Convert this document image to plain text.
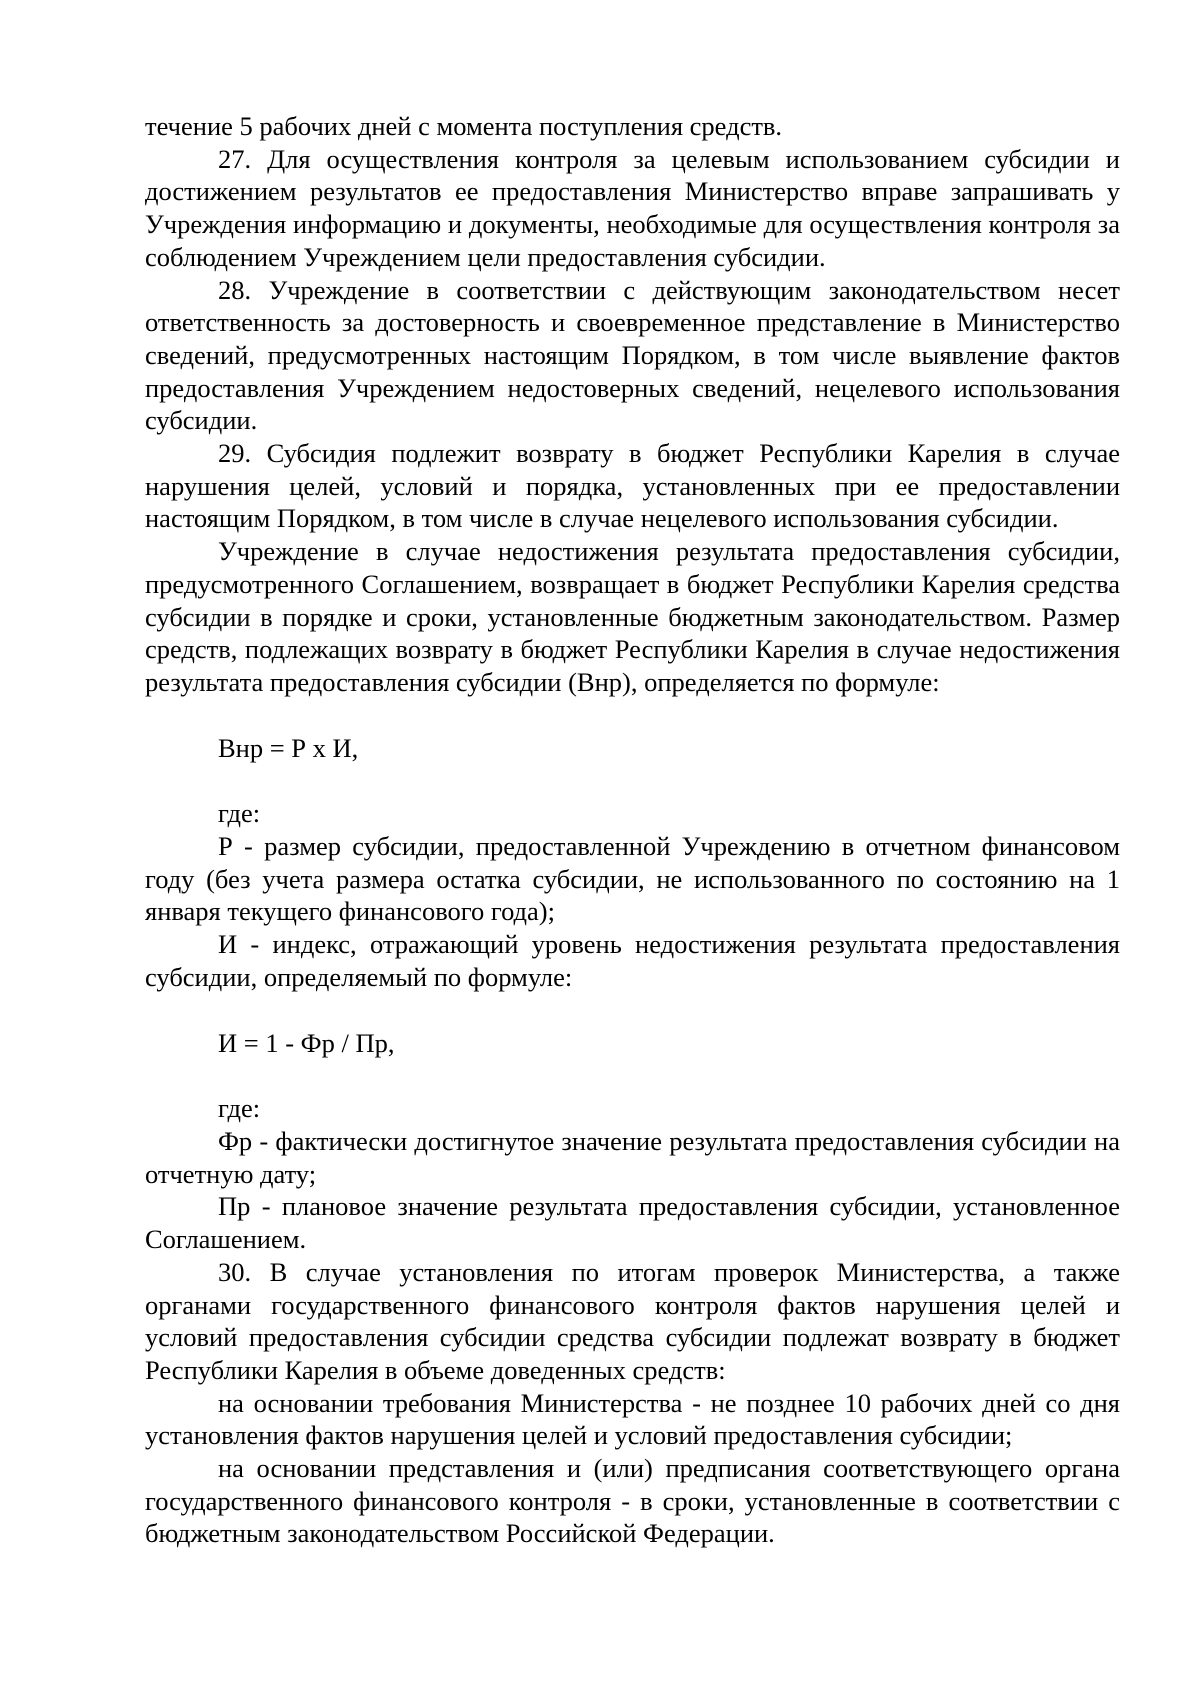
течение 5 рабочих дней с момента поступления средств.

27. Для осуществления контроля за целевым использованием субсидии и достижением результатов ее предоставления Министерство вправе запрашивать у Учреждения информацию и документы, необходимые для осуществления контроля за соблюдением Учреждением цели предоставления субсидии.

28. Учреждение в соответствии с действующим законодательством несет ответственность за достоверность и своевременное представление в Министерство сведений, предусмотренных настоящим Порядком, в том числе выявление фактов предоставления Учреждением недостоверных сведений, нецелевого использования субсидии.

29. Субсидия подлежит возврату в бюджет Республики Карелия в случае нарушения целей, условий и порядка, установленных при ее предоставлении настоящим Порядком, в том числе в случае нецелевого использования субсидии.

Учреждение в случае недостижения результата предоставления субсидии, предусмотренного Соглашением, возвращает в бюджет Республики Карелия средства субсидии в порядке и сроки, установленные бюджетным законодательством. Размер средств, подлежащих возврату в бюджет Республики Карелия в случае недостижения результата предоставления субсидии (Внр), определяется по формуле:

Внр = Р х И,

где:

Р - размер субсидии, предоставленной Учреждению в отчетном финансовом году (без учета размера остатка субсидии, не использованного по состоянию на 1 января текущего финансового года);

И - индекс, отражающий уровень недостижения результата предоставления субсидии, определяемый по формуле:

И = 1 - Фр / Пр,

где:

Фр - фактически достигнутое значение результата предоставления субсидии на отчетную дату;

Пр - плановое значение результата предоставления субсидии, установленное Соглашением.

30. В случае установления по итогам проверок Министерства, а также органами государственного финансового контроля фактов нарушения целей и условий предоставления субсидии средства субсидии подлежат возврату в бюджет Республики Карелия в объеме доведенных средств:

на основании требования Министерства - не позднее 10 рабочих дней со дня установления фактов нарушения целей и условий предоставления субсидии;

на основании представления и (или) предписания соответствующего органа государственного финансового контроля - в сроки, установленные в соответствии с бюджетным законодательством Российской Федерации.
